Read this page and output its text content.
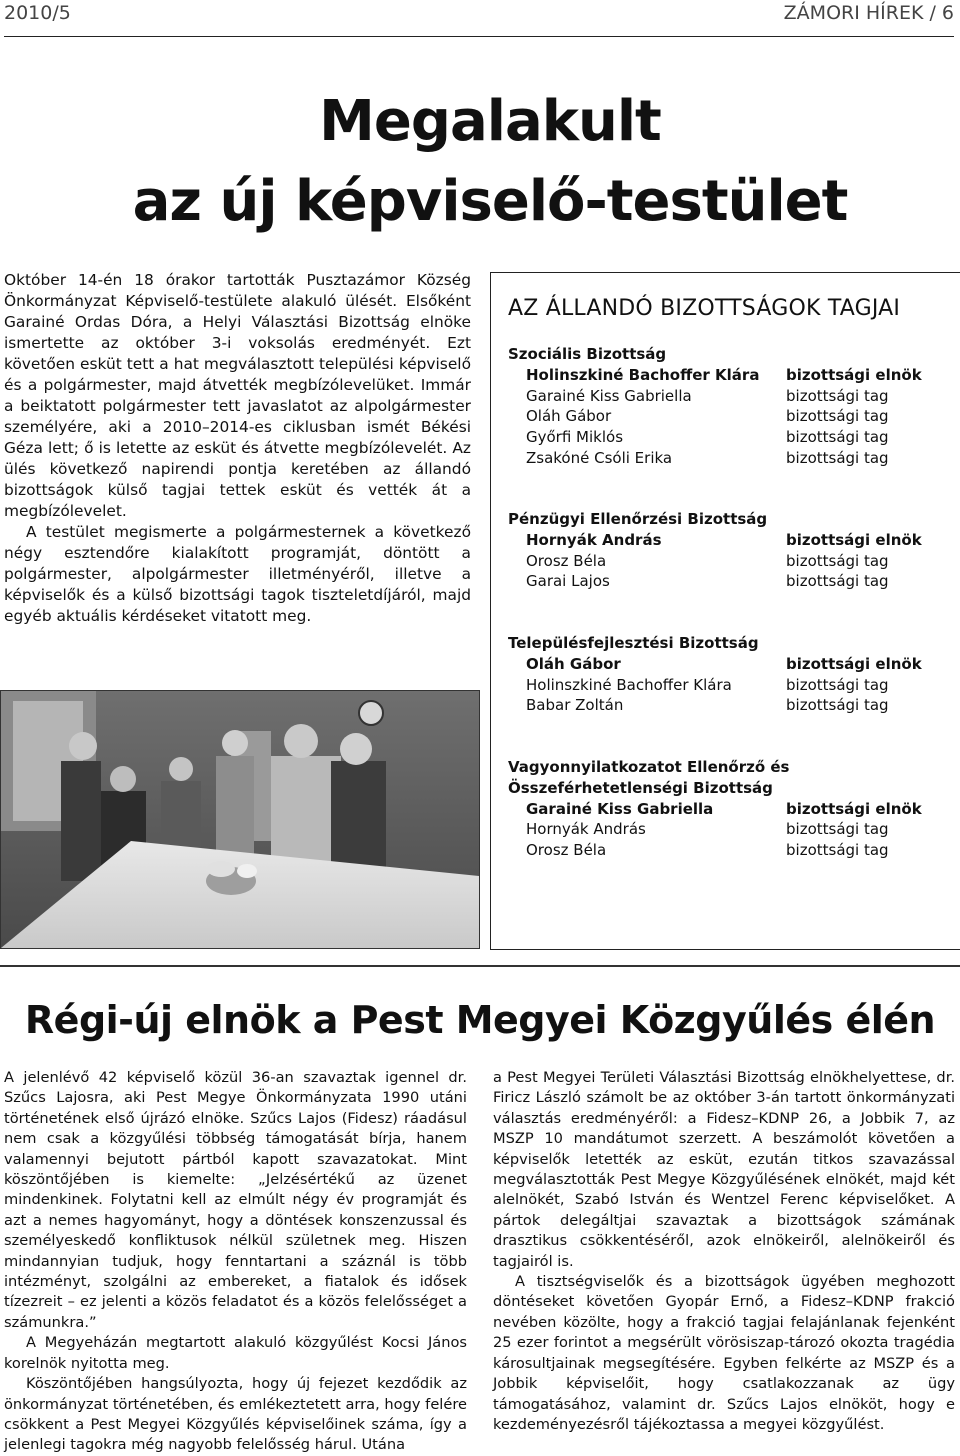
2010/5	ZÁMORI HÍREK / 6
Megalakult
az új képviselő-testület

Október 14-én 18 órakor tartották Pusztazámor Község Önkormányzat Képviselő-testülete alakuló ülését. Elsőként Garainé Ordas Dóra, a Helyi Választási Bizottság elnöke ismertette az október 3-i voksolás eredményét. Ezt követően esküt tett a hat megválasztott települési képviselő és a polgármester, majd átvették megbízólevelüket. Immár a beiktatott polgármester tett javaslatot az alpolgármester személyére, aki a 2010–2014-es ciklusban ismét Békési Géza lett; ő is letette az esküt és átvette megbízólevelét. Az ülés következő napirendi pontja keretében az állandó bizottságok külső tagjai tettek esküt és vették át a megbízólevelet.

A testület megismerte a polgármesternek a következő négy esztendőre kialakított programját, döntött a polgármester, alpolgármester illetményéről, illetve a képviselők és a külső bizottsági tagok tiszteletdíjáról, majd egyéb aktuális kérdéseket vitatott meg.

AZ ÁLLANDÓ BIZOTTSÁGOK TAGJAI
Szociális Bizottság
Holinszkiné Bachoffer Klára	bizottsági elnök
Garainé Kiss Gabriella	bizottsági tag
Oláh Gábor	bizottsági tag
Győrfi Miklós	bizottsági tag
Zsakóné Csóli Erika	bizottsági tag
Pénzügyi Ellenőrzési Bizottság
Hornyák András	bizottsági elnök
Orosz Béla	bizottsági tag
Garai Lajos	bizottsági tag
Településfejlesztési Bizottság
Oláh Gábor	bizottsági elnök
Holinszkiné Bachoffer Klára	bizottsági tag
Babar Zoltán	bizottsági tag
Vagyonnyilatkozatot Ellenőrző és
Összeférhetetlenségi Bizottság
Garainé Kiss Gabriella	bizottsági elnök
Hornyák András	bizottsági tag
Orosz Béla	bizottsági tag
Régi-új elnök a Pest Megyei Közgyűlés élén

A jelenlévő 42 képviselő közül 36-an szavaztak igennel dr. Szűcs Lajosra, aki Pest Megye Önkormányzata 1990 utáni történetének első újrázó elnöke. Szűcs Lajos (Fidesz) ráadásul nem csak a közgyűlési többség támogatását bírja, hanem valamennyi bejutott pártból kapott szavazatokat. Mint köszöntőjében is kiemelte: „Jelzésértékű az üzenet mindenkinek. Folytatni kell az elmúlt négy év programját és azt a nemes hagyományt, hogy a döntések konszenzussal és személyeskedő konfliktusok nélkül születnek meg. Hiszen mindannyian tudjuk, hogy fenntartani a száznál is több intézményt, szolgálni az embereket, a fiatalok és idősek tízezreit – ez jelenti a közös feladatot és a közös felelősséget a számunkra.”

A Megyeházán megtartott alakuló közgyűlést Kocsi János korelnök nyitotta meg.

Köszöntőjében hangsúlyozta, hogy új fejezet kezdődik az önkormányzat történetében, és emlékeztetett arra, hogy felére csökkent a Pest Megyei Közgyűlés képviselőinek száma, így a jelenlegi tagokra még nagyobb felelősség hárul. Utána

a Pest Megyei Területi Választási Bizottság elnökhelyettese, dr. Firicz László számolt be az október 3-án tartott önkormányzati választás eredményéről: a Fidesz–KDNP 26, a Jobbik 7, az MSZP 10 mandátumot szerzett. A beszámolót követően a képviselők letették az esküt, ezután titkos szavazással megválasztották Pest Megye Közgyűlésének elnökét, majd két alelnökét, Szabó István és Wentzel Ferenc képviselőket. A pártok delegáltjai szavaztak a bizottságok számának drasztikus csökkentéséről, azok elnökeiről, alelnökeiről és tagjairól is.

A tisztségviselők és a bizottságok ügyében meghozott döntéseket követően Gyopár Ernő, a Fidesz–KDNP frakció nevében közölte, hogy a frakció tagjai felajánlanak fejenként 25 ezer forintot a megsérült vörösiszap-tározó okozta tragédia károsultjainak megsegítésére. Egyben felkérte az MSZP és a Jobbik képviselőit, hogy csatlakozzanak az ügy támogatásához, valamint dr. Szűcs Lajos elnököt, hogy e kezdeményezésről tájékoztassa a megyei közgyűlést.
